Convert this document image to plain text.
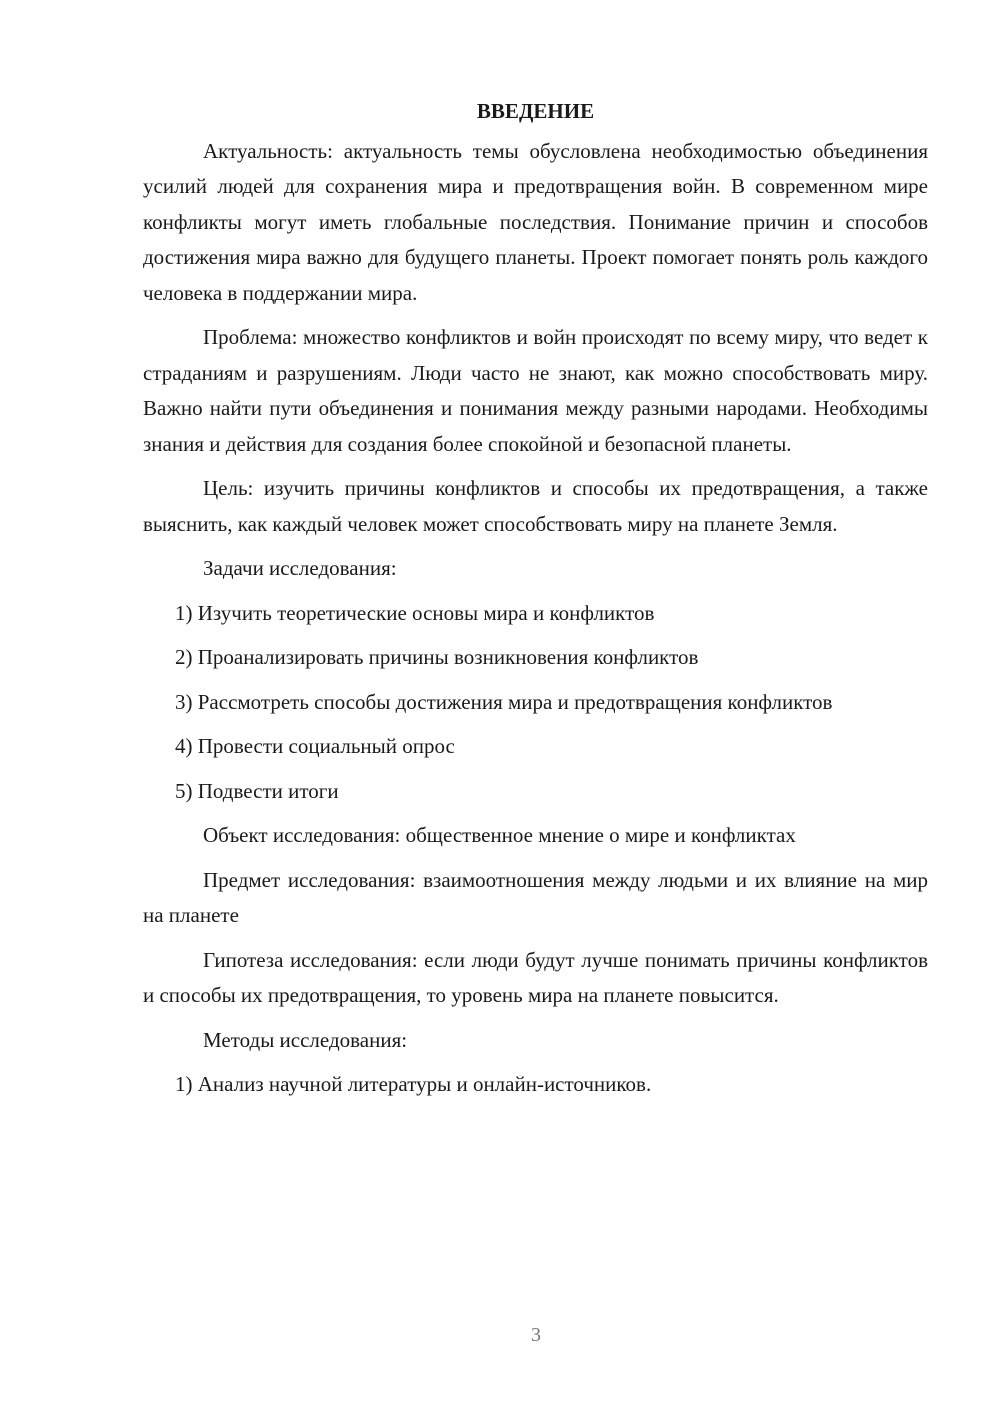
ВВЕДЕНИЕ
Актуальность: актуальность темы обусловлена необходимостью объединения усилий людей для сохранения мира и предотвращения войн. В современном мире конфликты могут иметь глобальные последствия. Понимание причин и способов достижения мира важно для будущего планеты. Проект помогает понять роль каждого человека в поддержании мира.
Проблема: множество конфликтов и войн происходят по всему миру, что ведет к страданиям и разрушениям. Люди часто не знают, как можно способствовать миру. Важно найти пути объединения и понимания между разными народами. Необходимы знания и действия для создания более спокойной и безопасной планеты.
Цель: изучить причины конфликтов и способы их предотвращения, а также выяснить, как каждый человек может способствовать миру на планете Земля.
Задачи исследования:
1) Изучить теоретические основы мира и конфликтов
2) Проанализировать причины возникновения конфликтов
3) Рассмотреть способы достижения мира и предотвращения конфликтов
4) Провести социальный опрос
5) Подвести итоги
Объект исследования: общественное мнение о мире и конфликтах
Предмет исследования: взаимоотношения между людьми и их влияние на мир на планете
Гипотеза исследования: если люди будут лучше понимать причины конфликтов и способы их предотвращения, то уровень мира на планете повысится.
Методы исследования:
1) Анализ научной литературы и онлайн-источников.
3
